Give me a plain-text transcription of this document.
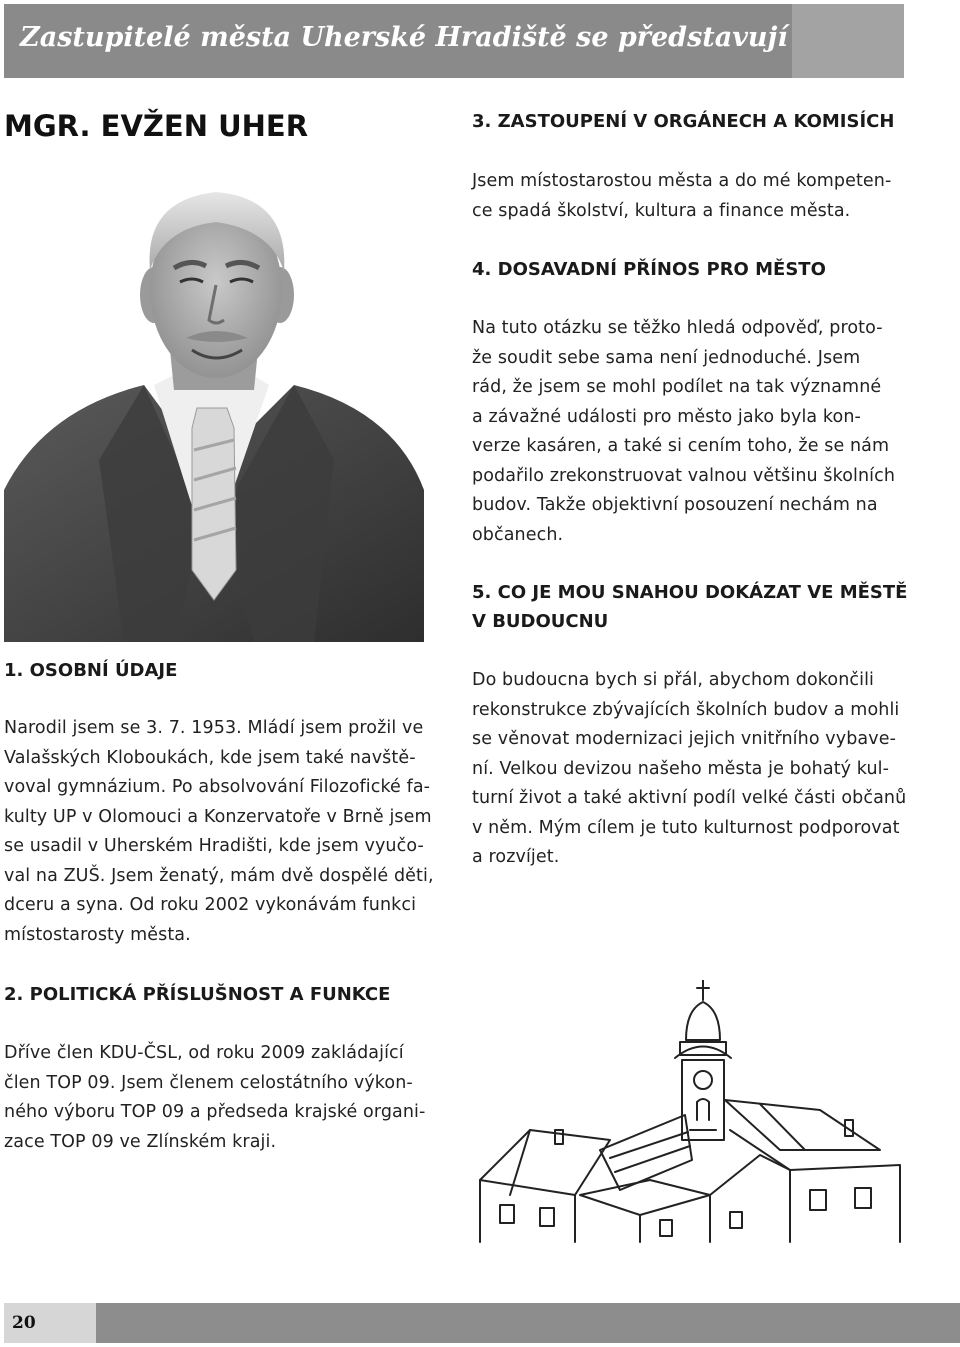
Zastupitelé města Uherské Hradiště se představují
MGR. EVŽEN UHER
1. OSOBNÍ ÚDAJE
Narodil jsem se 3. 7. 1953. Mládí jsem prožil ve
Valašských Kloboukách, kde jsem také navště-
voval gymnázium. Po absolvování Filozofické fa-
kulty UP v Olomouci a Konzervatoře v Brně jsem
se usadil v Uherském Hradišti, kde jsem vyučo-
val na ZUŠ. Jsem ženatý, mám dvě dospělé děti,
dceru a syna. Od roku 2002 vykonávám funkci
místostarosty města.
2. POLITICKÁ PŘÍSLUŠNOST A FUNKCE
Dříve člen KDU-ČSL, od roku 2009 zakládající
člen TOP 09. Jsem členem celostátního výkon-
ného výboru TOP 09 a předseda krajské organi-
zace TOP 09 ve Zlínském kraji.
3. ZASTOUPENÍ V ORGÁNECH A KOMISÍCH
Jsem místostarostou města a do mé kompeten-
ce spadá školství, kultura a finance města.
4. DOSAVADNÍ PŘÍNOS PRO MĚSTO
Na tuto otázku se těžko hledá odpověď, proto-
že soudit sebe sama není jednoduché. Jsem
rád, že jsem se mohl podílet na tak významné
a závažné události pro město jako byla kon-
verze kasáren, a také si cením toho, že se nám
podařilo zrekonstruovat valnou většinu školních
budov. Takže objektivní posouzení nechám na
občanech.
5. CO JE MOU SNAHOU DOKÁZAT VE MĚSTĚ
V BUDOUCNU
Do budoucna bych si přál, abychom dokončili
rekonstrukce zbývajících školních budov a mohli
se věnovat modernizaci jejich vnitřního vybave-
ní. Velkou devizou našeho města je bohatý kul-
turní život a také aktivní podíl velké části občanů
v něm. Mým cílem je tuto kulturnost podporovat
a rozvíjet.
20
